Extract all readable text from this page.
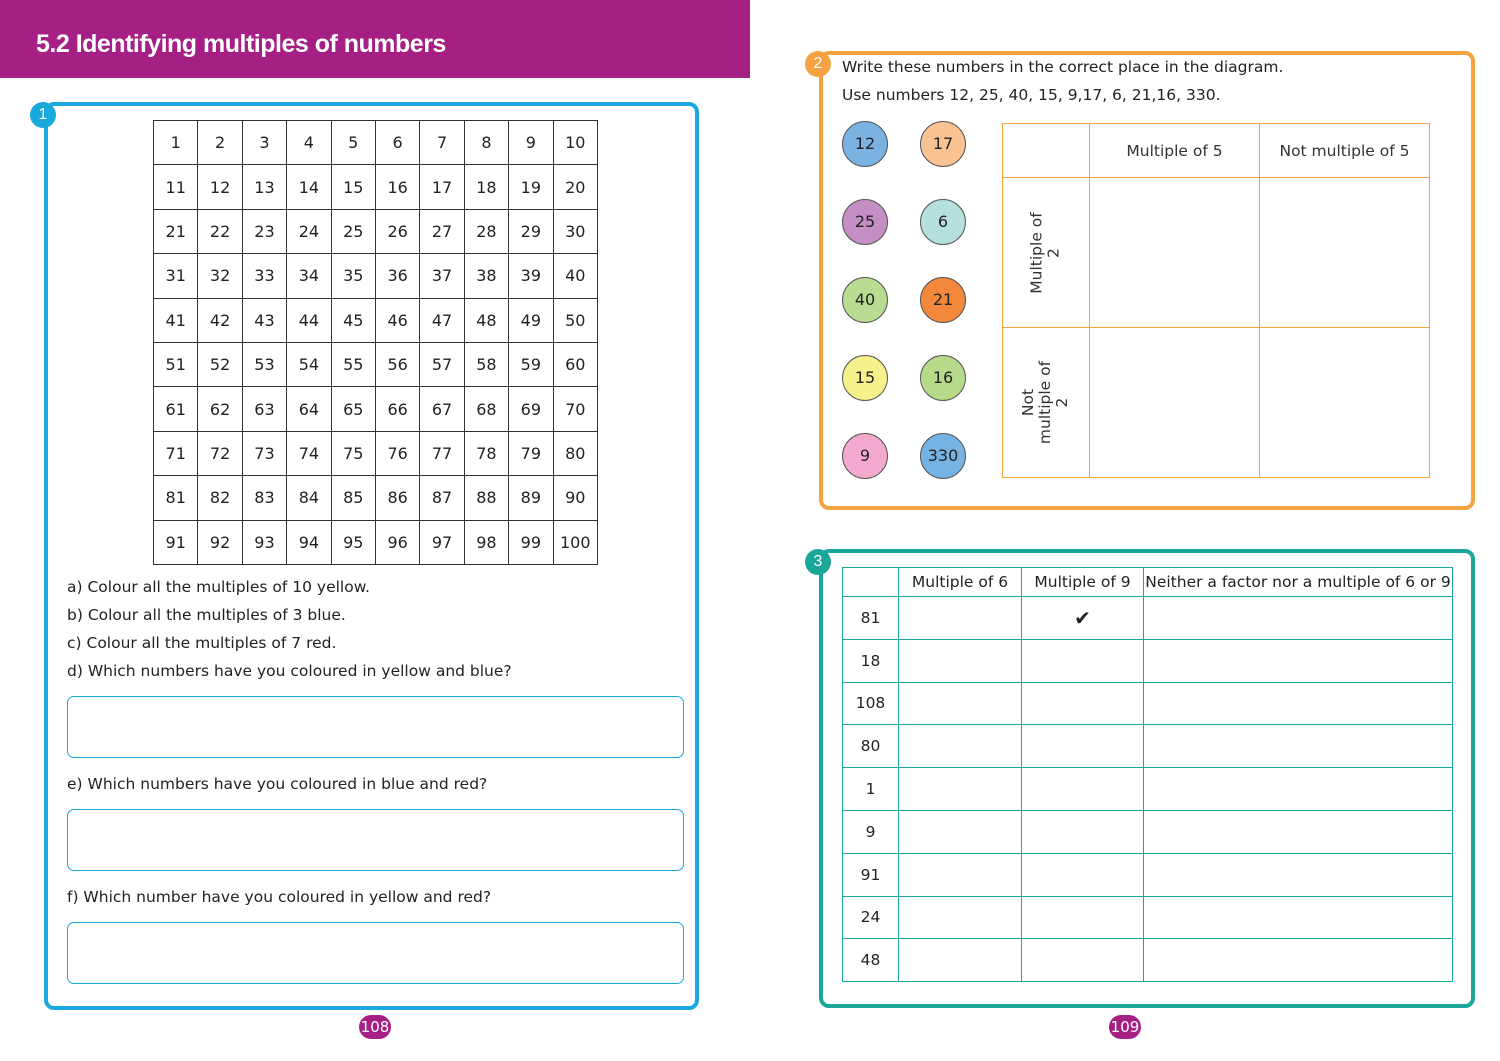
5.2 Identifying multiples of numbers
1
1	2	3	4	5	6	7	8	9	10
11	12	13	14	15	16	17	18	19	20
21	22	23	24	25	26	27	28	29	30
31	32	33	34	35	36	37	38	39	40
41	42	43	44	45	46	47	48	49	50
51	52	53	54	55	56	57	58	59	60
61	62	63	64	65	66	67	68	69	70
71	72	73	74	75	76	77	78	79	80
81	82	83	84	85	86	87	88	89	90
91	92	93	94	95	96	97	98	99	100
a) Colour all the multiples of 10 yellow.
b) Colour all the multiples of 3 blue.
c) Colour all the multiples of 7 red.
d) Which numbers have you coloured in yellow and blue?
e) Which numbers have you coloured in blue and red?
f) Which number have you coloured in yellow and red?
2	Write these numbers in the correct place in the diagram.
Use numbers 12, 25, 40, 15, 9,17, 6, 21,16, 330.
12	17
25	6
40	21
15	16
9	330
	Multiple of 5	Not multiple of 5
Multiple of
2		
Not
multiple of
2		
3
	Multiple of 6	Multiple of 9	Neither a factor nor a multiple of 6 or 9
81		✔	
18			
108			
80			
1			
9			
91			
24			
48			
108	109
